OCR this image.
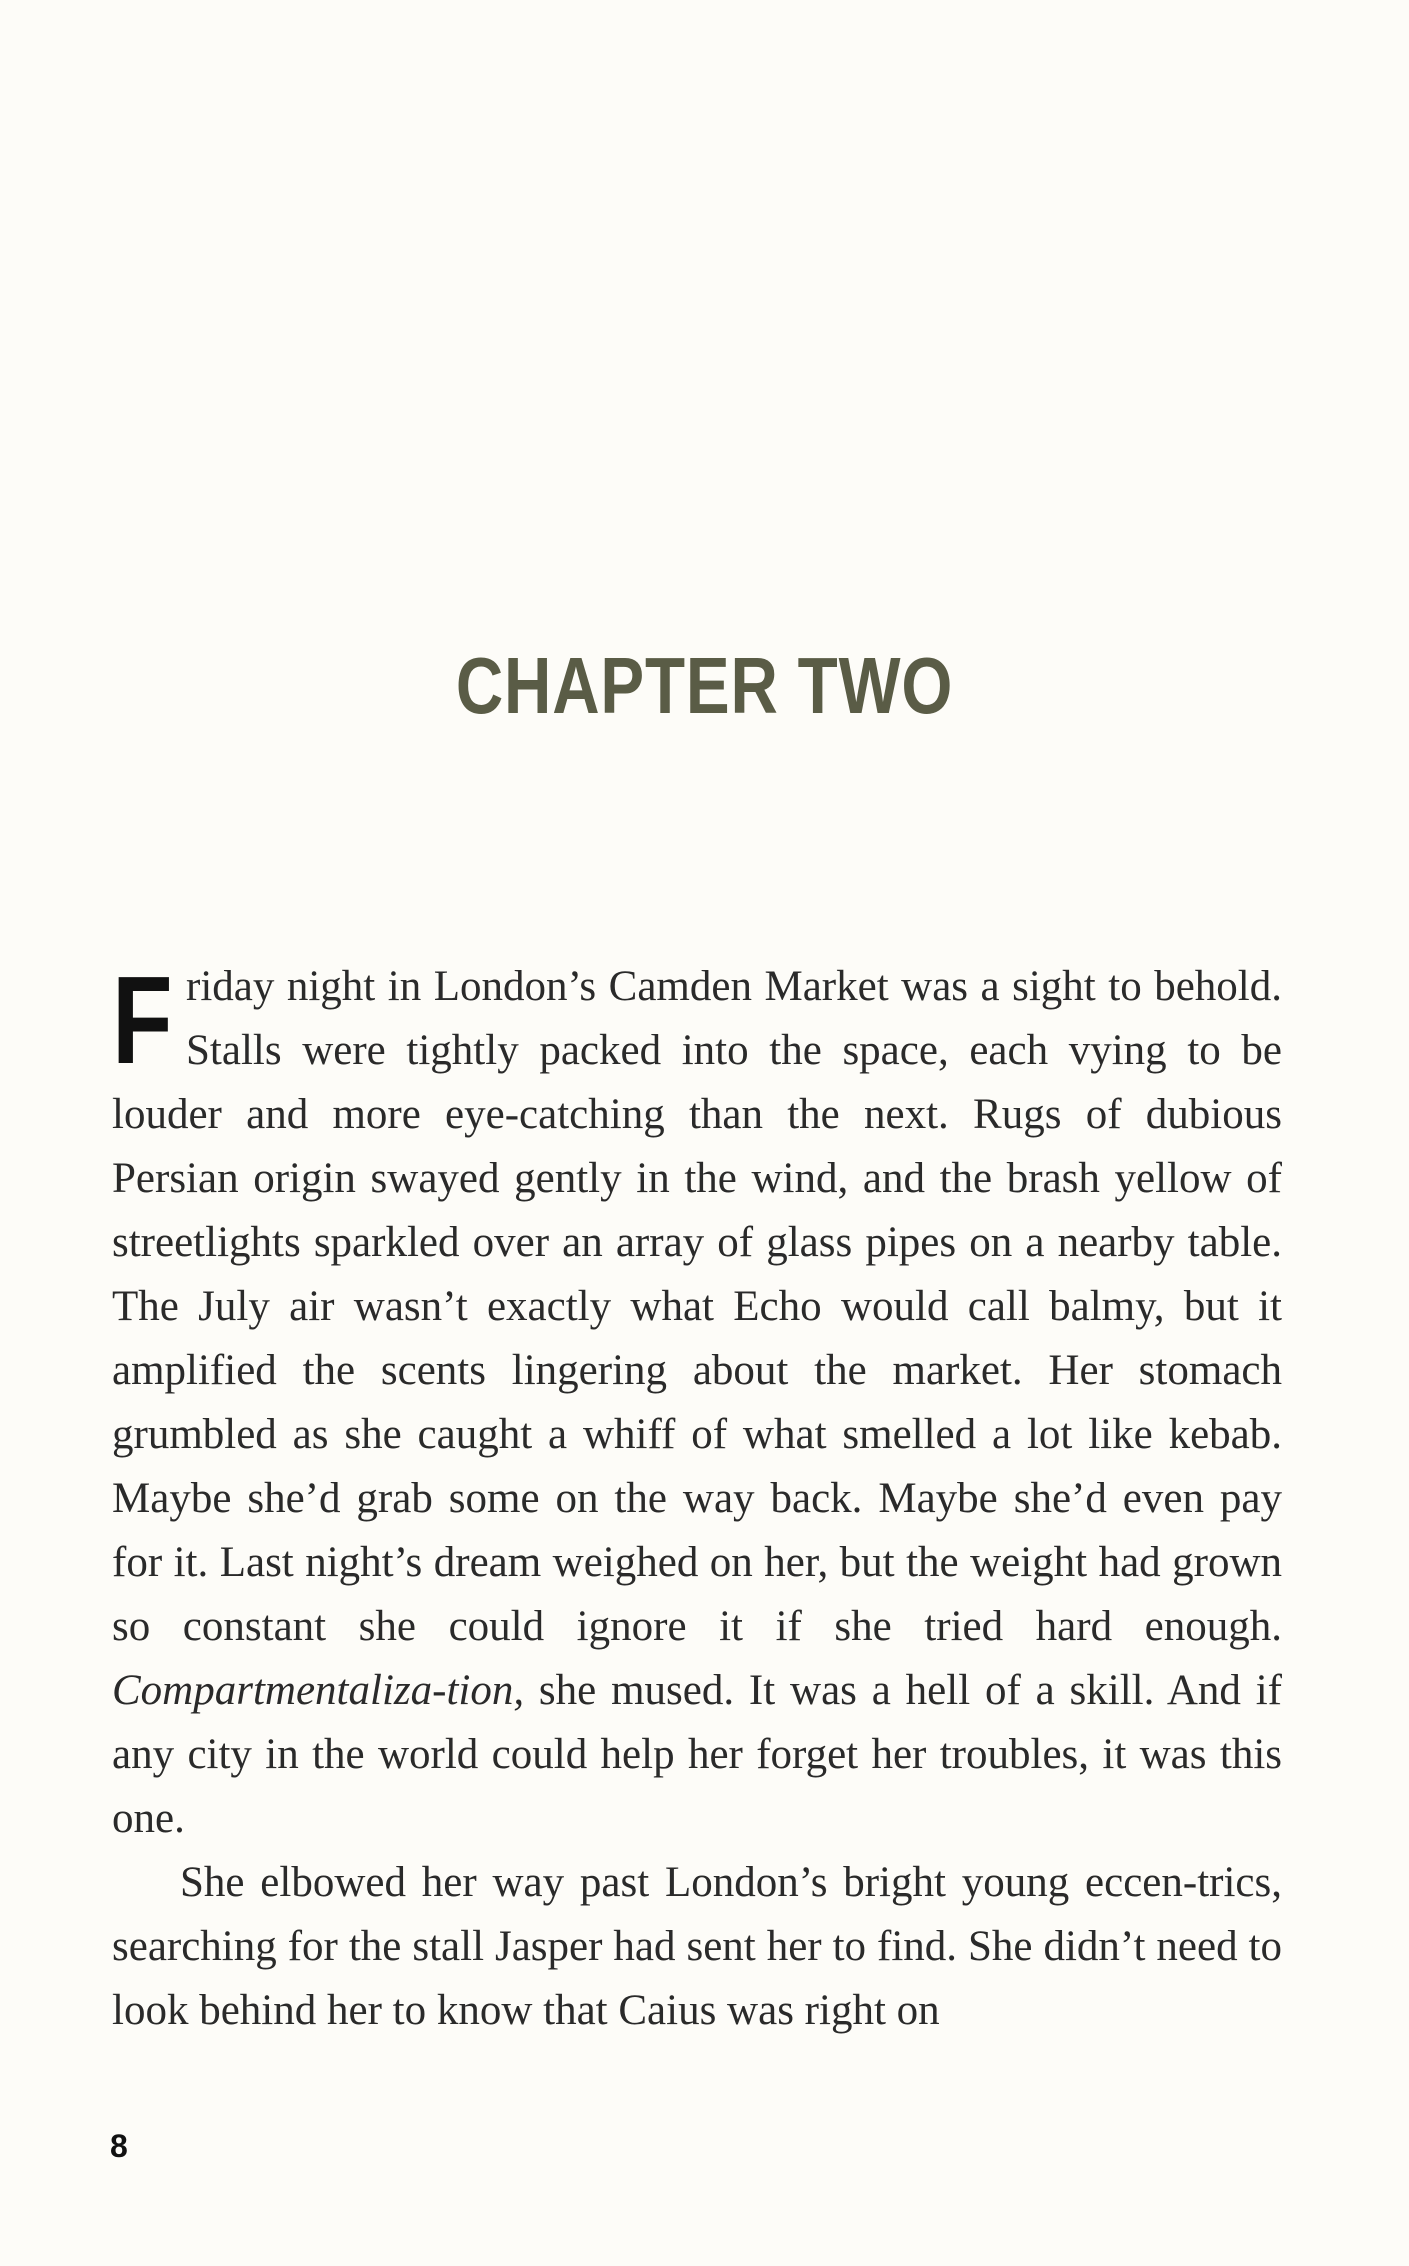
CHAPTER TWO

Friday night in London’s Camden Market was a sight to behold. Stalls were tightly packed into the space, each vying to be louder and more eye-catching than the next. Rugs of dubious Persian origin swayed gently in the wind, and the brash yellow of streetlights sparkled over an array of glass pipes on a nearby table. The July air wasn’t exactly what Echo would call balmy, but it amplified the scents lingering about the market. Her stomach grumbled as she caught a whiff of what smelled a lot like kebab. Maybe she’d grab some on the way back. Maybe she’d even pay for it. Last night’s dream weighed on her, but the weight had grown so constant she could ignore it if she tried hard enough. Compartmentaliza-tion, she mused. It was a hell of a skill. And if any city in the world could help her forget her troubles, it was this one.

She elbowed her way past London’s bright young eccen-trics, searching for the stall Jasper had sent her to find. She didn’t need to look behind her to know that Caius was right on

8
